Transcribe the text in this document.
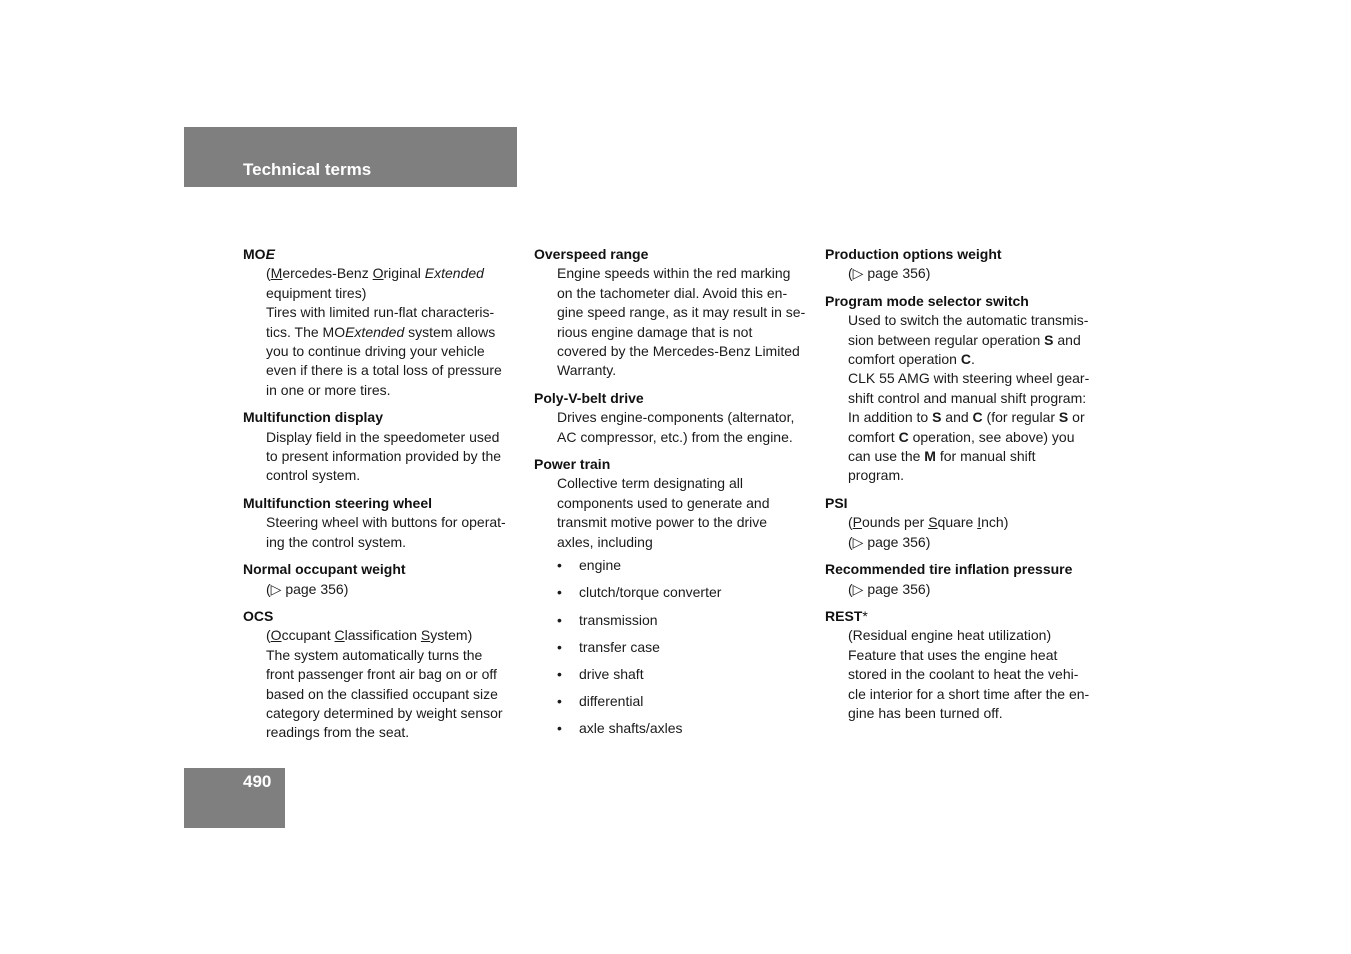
Technical terms
MOE
(Mercedes-Benz Original Extended
equipment tires)
Tires with limited run-flat characteris-
tics. The MOExtended system allows
you to continue driving your vehicle
even if there is a total loss of pressure
in one or more tires.
Multifunction display
Display field in the speedometer used
to present information provided by the
control system.
Multifunction steering wheel
Steering wheel with buttons for operat-
ing the control system.
Normal occupant weight
(▷ page 356)
OCS
(Occupant Classification System)
The system automatically turns the
front passenger front air bag on or off
based on the classified occupant size
category determined by weight sensor
readings from the seat.
Overspeed range
Engine speeds within the red marking
on the tachometer dial. Avoid this en-
gine speed range, as it may result in se-
rious engine damage that is not
covered by the Mercedes-Benz Limited
Warranty.
Poly-V-belt drive
Drives engine-components (alternator,
AC compressor, etc.) from the engine.
Power train
Collective term designating all
components used to generate and
transmit motive power to the drive
axles, including
• engine
• clutch/torque converter
• transmission
• transfer case
• drive shaft
• differential
• axle shafts/axles
Production options weight
(▷ page 356)
Program mode selector switch
Used to switch the automatic transmis-
sion between regular operation S and
comfort operation C.
CLK 55 AMG with steering wheel gear-
shift control and manual shift program:
In addition to S and C (for regular S or
comfort C operation, see above) you
can use the M for manual shift
program.
PSI
(Pounds per Square Inch)
(▷ page 356)
Recommended tire inflation pressure
(▷ page 356)
REST*
(Residual engine heat utilization)
Feature that uses the engine heat
stored in the coolant to heat the vehi-
cle interior for a short time after the en-
gine has been turned off.
490
